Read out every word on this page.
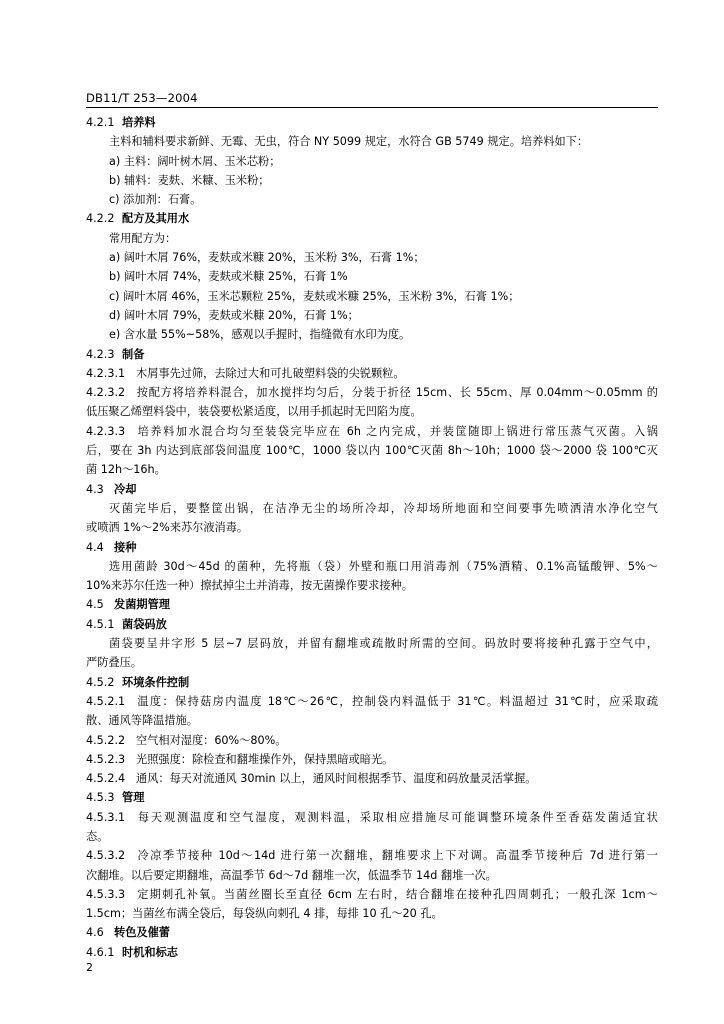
DB11/T 253—2004
4.2.1 培养料
主料和辅料要求新鲜、无霉、无虫，符合 NY 5099 规定，水符合 GB 5749 规定。培养料如下：
a) 主料：阔叶树木屑、玉米芯粉；
b) 辅料：麦麸、米糠、玉米粉；
c) 添加剂：石膏。
4.2.2 配方及其用水
常用配方为：
a) 阔叶木屑 76%，麦麸或米糠 20%，玉米粉 3%，石膏 1%；
b) 阔叶木屑 74%，麦麸或米糠 25%，石膏 1%
c) 阔叶木屑 46%，玉米芯颗粒 25%，麦麸或米糠 25%，玉米粉 3%，石膏 1%；
d) 阔叶木屑 79%，麦麸或米糠 20%，石膏 1%；
e) 含水量 55%~58%，感观以手握时，指缝微有水印为度。
4.2.3 制备
4.2.3.1 木屑事先过筛，去除过大和可扎破塑料袋的尖锐颗粒。
4.2.3.2 按配方将培养料混合，加水搅拌均匀后，分装于折径 15cm、长 55cm、厚 0.04mm～0.05mm 的
低压聚乙烯塑料袋中，装袋要松紧适度，以用手抓起时无凹陷为度。
4.2.3.3 培养料加水混合均匀至装袋完毕应在 6h 之内完成，并装筐随即上锅进行常压蒸气灭菌。入锅
后，要在 3h 内达到底部袋间温度 100℃，1000 袋以内 100℃灭菌 8h～10h；1000 袋～2000 袋 100℃灭
菌 12h～16h。
4.3 冷却
灭菌完毕后，要整筐出锅，在洁净无尘的场所冷却，冷却场所地面和空间要事先喷洒清水净化空气
或喷洒 1%～2%来苏尔液消毒。
4.4 接种
选用菌龄 30d～45d 的菌种，先将瓶（袋）外壁和瓶口用消毒剂（75%酒精、0.1%高锰酸钾、5%～
10%来苏尔任选一种）擦拭掉尘土并消毒，按无菌操作要求接种。
4.5 发菌期管理
4.5.1 菌袋码放
菌袋要呈井字形 5 层~7 层码放，并留有翻堆或疏散时所需的空间。码放时要将接种孔露于空气中，
严防叠压。
4.5.2 环境条件控制
4.5.2.1 温度：保持菇房内温度 18℃～26℃，控制袋内料温低于 31℃。料温超过 31℃时，应采取疏
散、通风等降温措施。
4.5.2.2 空气相对湿度：60%～80%。
4.5.2.3 光照强度：除检查和翻堆操作外，保持黑暗或暗光。
4.5.2.4 通风：每天对流通风 30min 以上，通风时间根据季节、温度和码放量灵活掌握。
4.5.3 管理
4.5.3.1 每天观测温度和空气湿度，观测料温，采取相应措施尽可能调整环境条件至香菇发菌适宜状
态。
4.5.3.2 冷凉季节接种 10d～14d 进行第一次翻堆，翻堆要求上下对调。高温季节接种后 7d 进行第一
次翻堆。以后要定期翻堆，高温季节 6d～7d 翻堆一次，低温季节 14d 翻堆一次。
4.5.3.3 定期刺孔补氧。当菌丝圈长至直径 6cm 左右时，结合翻堆在接种孔四周刺孔；一般孔深 1cm～
1.5cm；当菌丝布满全袋后，每袋纵向刺孔 4 排，每排 10 孔～20 孔。
4.6 转色及催蕾
4.6.1 时机和标志
2
